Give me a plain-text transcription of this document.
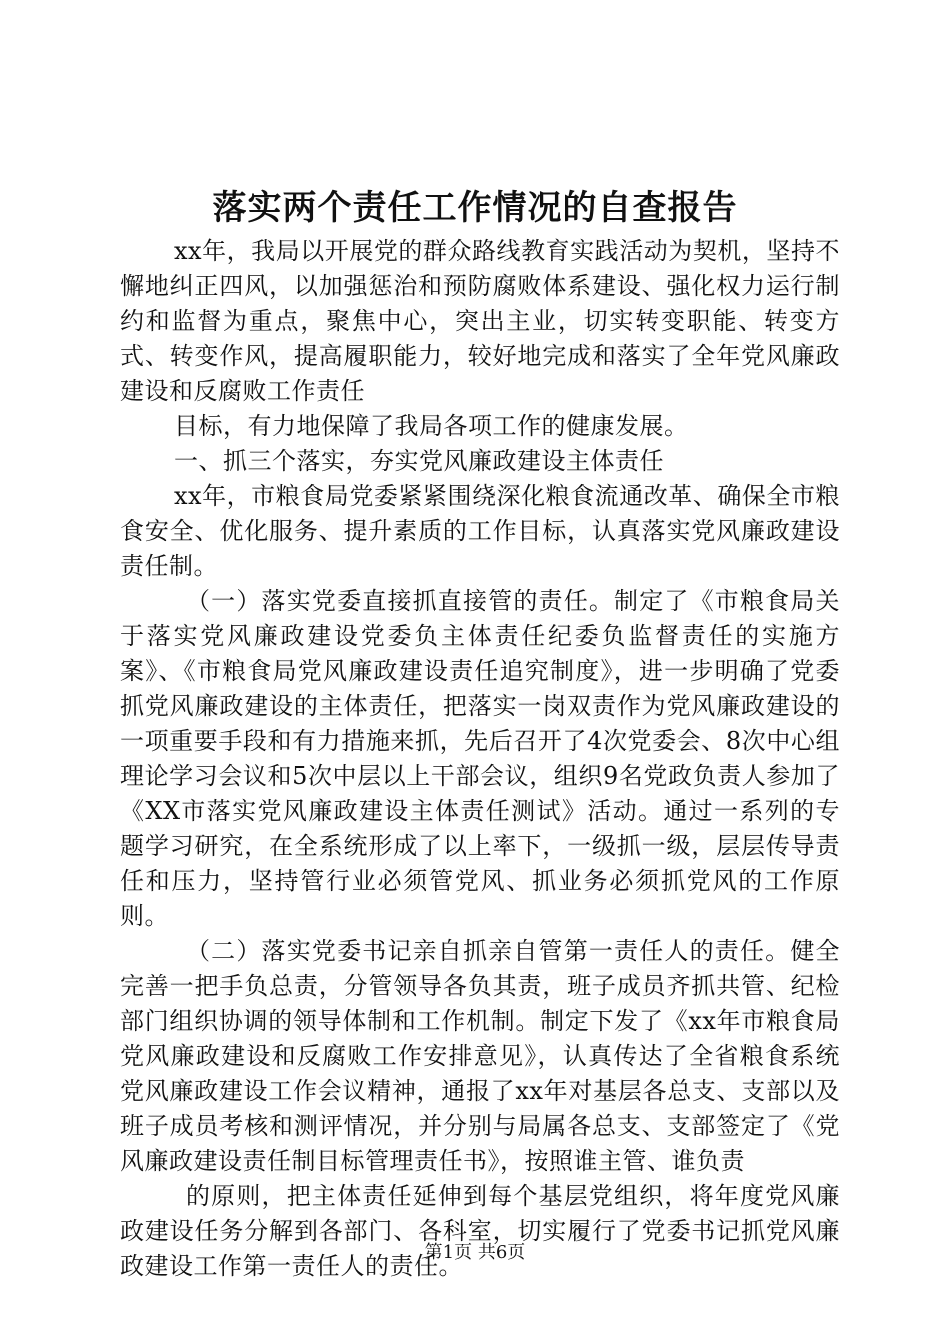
落实两个责任工作情况的自查报告

xx年，我局以开展党的群众路线教育实践活动为契机，坚持不懈地纠正四风，以加强惩治和预防腐败体系建设、强化权力运行制约和监督为重点，聚焦中心，突出主业，切实转变职能、转变方式、转变作风，提高履职能力，较好地完成和落实了全年党风廉政建设和反腐败工作责任

目标，有力地保障了我局各项工作的健康发展。

一、抓三个落实，夯实党风廉政建设主体责任

xx年，市粮食局党委紧紧围绕深化粮食流通改革、确保全市粮食安全、优化服务、提升素质的工作目标，认真落实党风廉政建设责任制。

（一）落实党委直接抓直接管的责任。制定了《市粮食局关于落实党风廉政建设党委负主体责任纪委负监督责任的实施方案》、《市粮食局党风廉政建设责任追究制度》，进一步明确了党委抓党风廉政建设的主体责任，把落实一岗双责作为党风廉政建设的一项重要手段和有力措施来抓，先后召开了4次党委会、8次中心组理论学习会议和5次中层以上干部会议，组织9名党政负责人参加了《XX市落实党风廉政建设主体责任测试》活动。通过一系列的专题学习研究，在全系统形成了以上率下，一级抓一级，层层传导责任和压力，坚持管行业必须管党风、抓业务必须抓党风的工作原则。

（二）落实党委书记亲自抓亲自管第一责任人的责任。健全完善一把手负总责，分管领导各负其责，班子成员齐抓共管、纪检部门组织协调的领导体制和工作机制。制定下发了《xx年市粮食局党风廉政建设和反腐败工作安排意见》，认真传达了全省粮食系统党风廉政建设工作会议精神，通报了xx年对基层各总支、支部以及班子成员考核和测评情况，并分别与局属各总支、支部签定了《党风廉政建设责任制目标管理责任书》，按照谁主管、谁负责

的原则，把主体责任延伸到每个基层党组织，将年度党风廉政建设任务分解到各部门、各科室，切实履行了党委书记抓党风廉政建设工作第一责任人的责任。

第1页 共6页
